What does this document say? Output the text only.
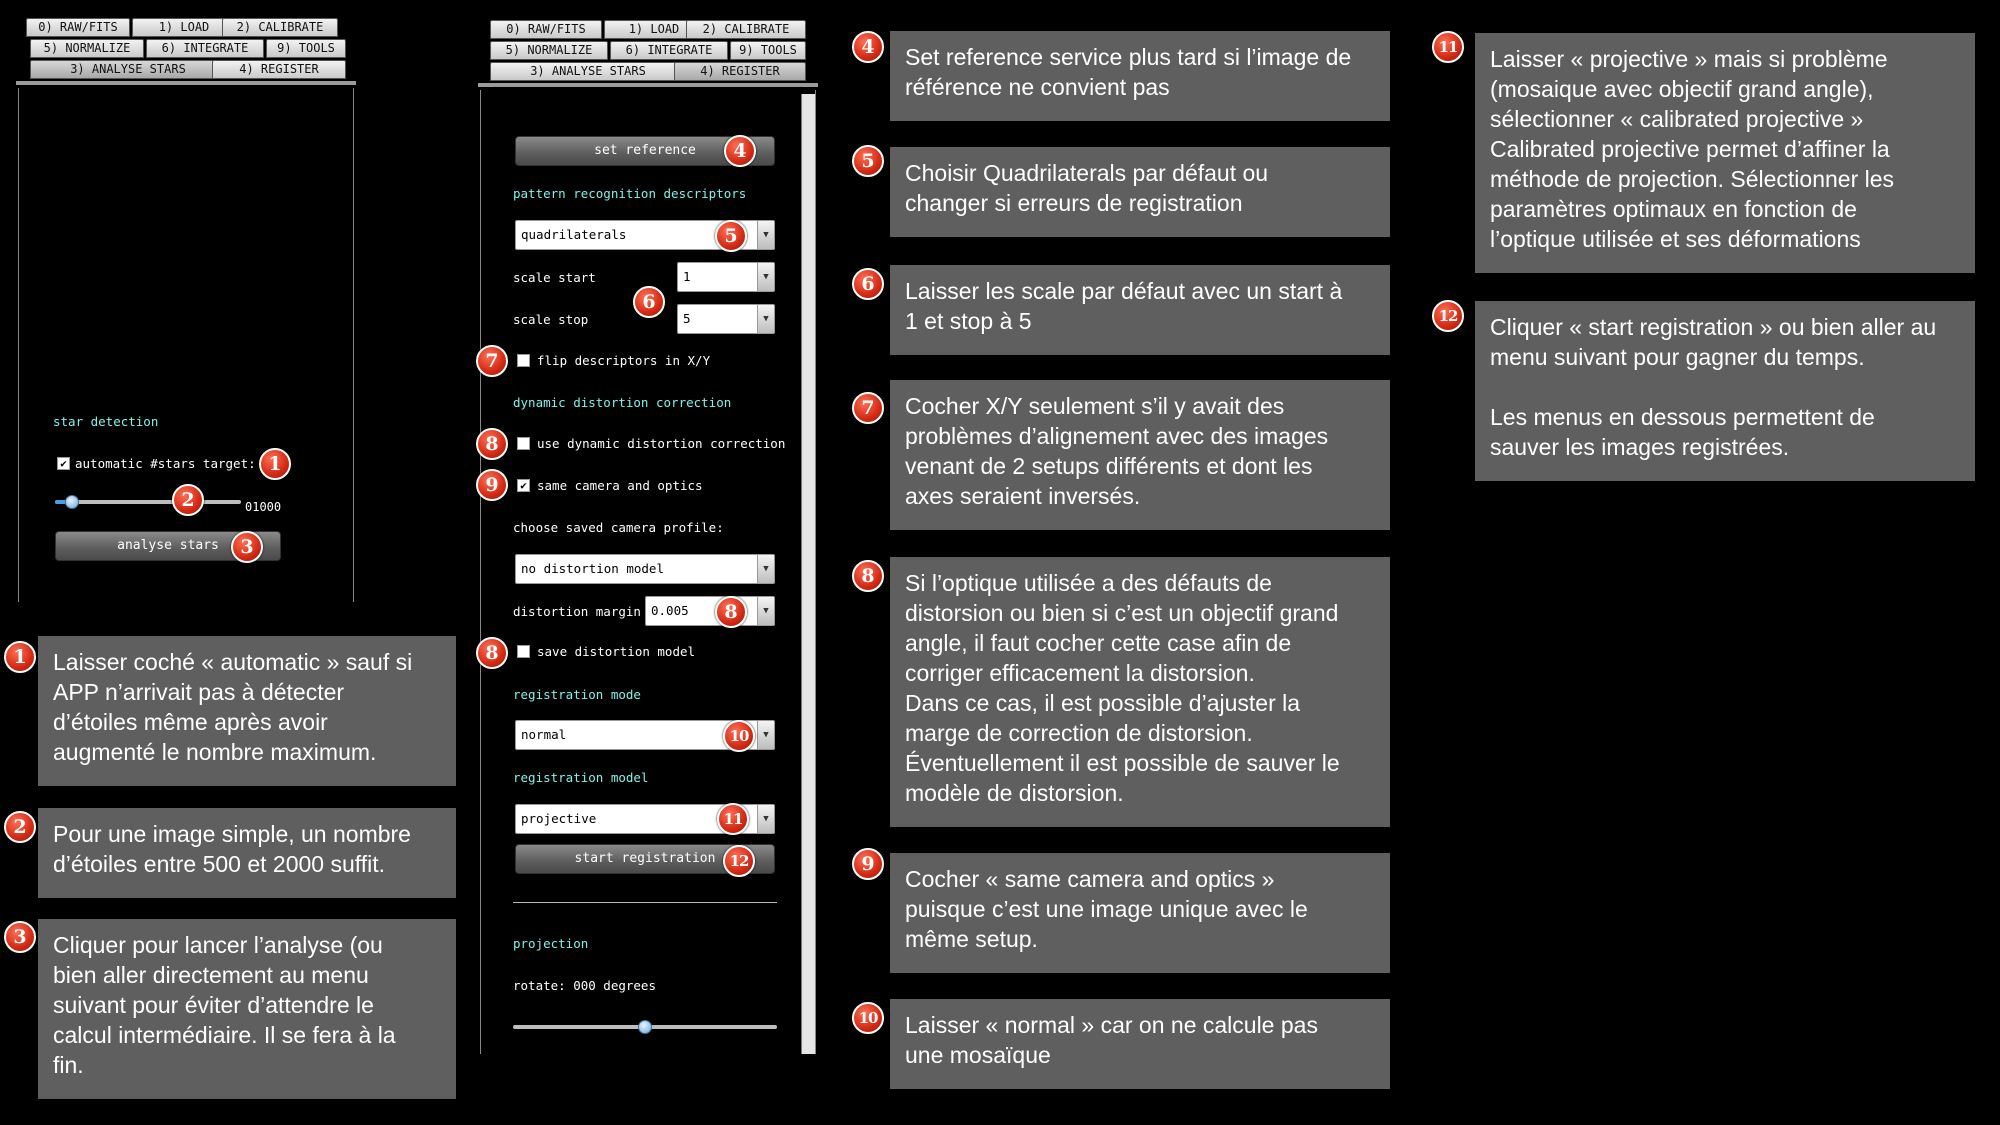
0) RAW/FITS	1) LOAD	2) CALIBRATE
5) NORMALIZE	6) INTEGRATE	9) TOOLS
3) ANALYSE STARS	4) REGISTER
star detection
✔ automatic #stars target:
01000
analyse stars
0) RAW/FITS	1) LOAD	2) CALIBRATE
5) NORMALIZE	6) INTEGRATE	9) TOOLS
3) ANALYSE STARS	4) REGISTER
set reference
pattern recognition descriptors
quadrilaterals	▼
scale start	1	▼
scale stop	5	▼
flip descriptors in X/Y
dynamic distortion correction
use dynamic distortion correction
✔ same camera and optics
choose saved camera profile:
no distortion model	▼
distortion margin 0.005	▼
save distortion model
registration mode
normal	▼
registration model
projective	▼
start registration
projection
rotate: 000 degrees
1
2
3
4
5
6
7
8
9
8
8
10
11
12
1
2
3
4
5
6
7
8
9
10
11
12
Laisser coché « automatic » sauf si
APP n’arrivait pas à détecter
d’étoiles même après avoir
augmenté le nombre maximum.
Pour une image simple, un nombre
d’étoiles entre 500 et 2000 suffit.
Cliquer pour lancer l’analyse (ou
bien aller directement au menu
suivant pour éviter d’attendre le
calcul intermédiaire. Il se fera à la
fin.
Set reference service plus tard si l’image de
référence ne convient pas
Choisir Quadrilaterals par défaut ou
changer si erreurs de registration
Laisser les scale par défaut avec un start à
1 et stop à 5
Cocher X/Y seulement s’il y avait des
problèmes d’alignement avec des images
venant de 2 setups différents et dont les
axes seraient inversés.
Si l’optique utilisée a des défauts de
distorsion ou bien si c’est un objectif grand
angle, il faut cocher cette case afin de
corriger efficacement la distorsion.
Dans ce cas, il est possible d’ajuster la
marge de correction de distorsion.
Éventuellement il est possible de sauver le
modèle de distorsion.
Cocher « same camera and optics »
puisque c’est une image unique avec le
même setup.
Laisser « normal » car on ne calcule pas
une mosaïque
Laisser « projective » mais si problème
(mosaique avec objectif grand angle),
sélectionner « calibrated projective »
Calibrated projective permet d’affiner la
méthode de projection. Sélectionner les
paramètres optimaux en fonction de
l’optique utilisée et ses déformations
Cliquer « start registration » ou bien aller au
menu suivant pour gagner du temps.

Les menus en dessous permettent de
sauver les images registrées.
